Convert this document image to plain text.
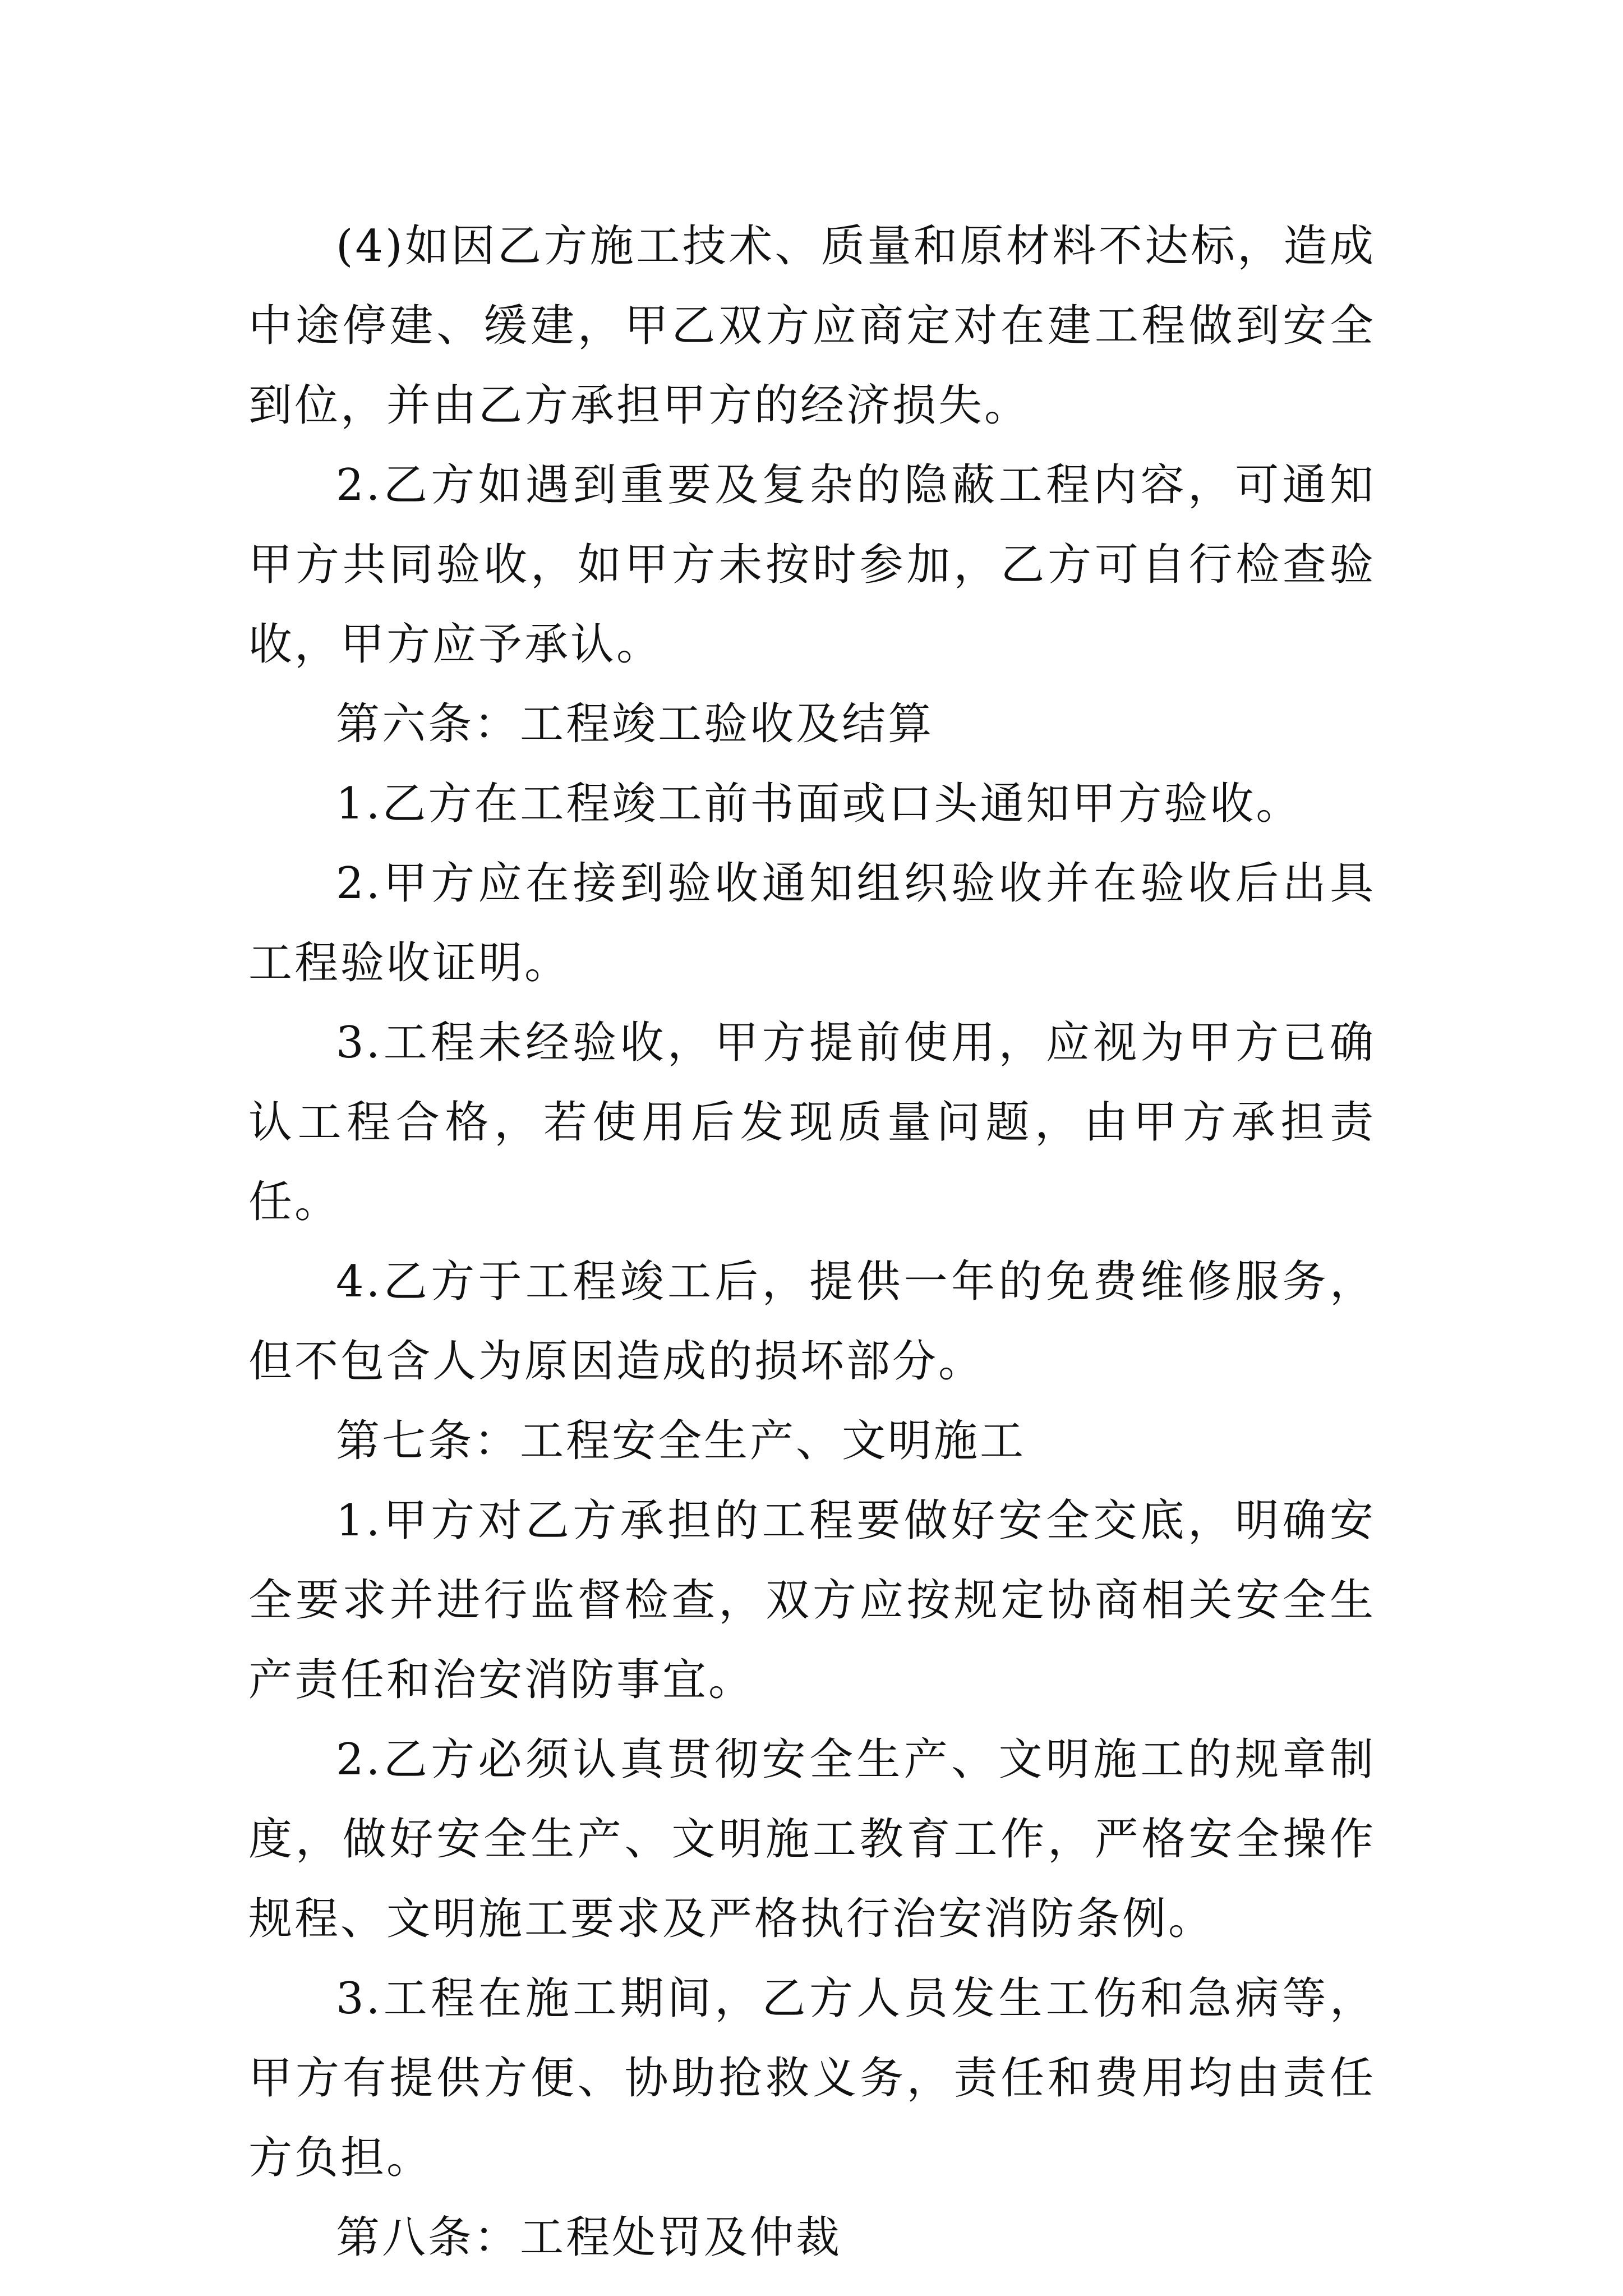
(4)如因乙方施工技术、质量和原材料不达标，造成中途停建、缓建，甲乙双方应商定对在建工程做到安全到位，并由乙方承担甲方的经济损失。

2.乙方如遇到重要及复杂的隐蔽工程内容，可通知甲方共同验收，如甲方未按时参加，乙方可自行检查验收，甲方应予承认。

第六条：工程竣工验收及结算

1.乙方在工程竣工前书面或口头通知甲方验收。

2.甲方应在接到验收通知组织验收并在验收后出具工程验收证明。

3.工程未经验收，甲方提前使用，应视为甲方已确认工程合格，若使用后发现质量问题，由甲方承担责任。

4.乙方于工程竣工后，提供一年的免费维修服务，但不包含人为原因造成的损坏部分。

第七条：工程安全生产、文明施工

1.甲方对乙方承担的工程要做好安全交底，明确安全要求并进行监督检查，双方应按规定协商相关安全生产责任和治安消防事宜。

2.乙方必须认真贯彻安全生产、文明施工的规章制度，做好安全生产、文明施工教育工作，严格安全操作规程、文明施工要求及严格执行治安消防条例。

3.工程在施工期间，乙方人员发生工伤和急病等，甲方有提供方便、协助抢救义务，责任和费用均由责任方负担。

第八条：工程处罚及仲裁
